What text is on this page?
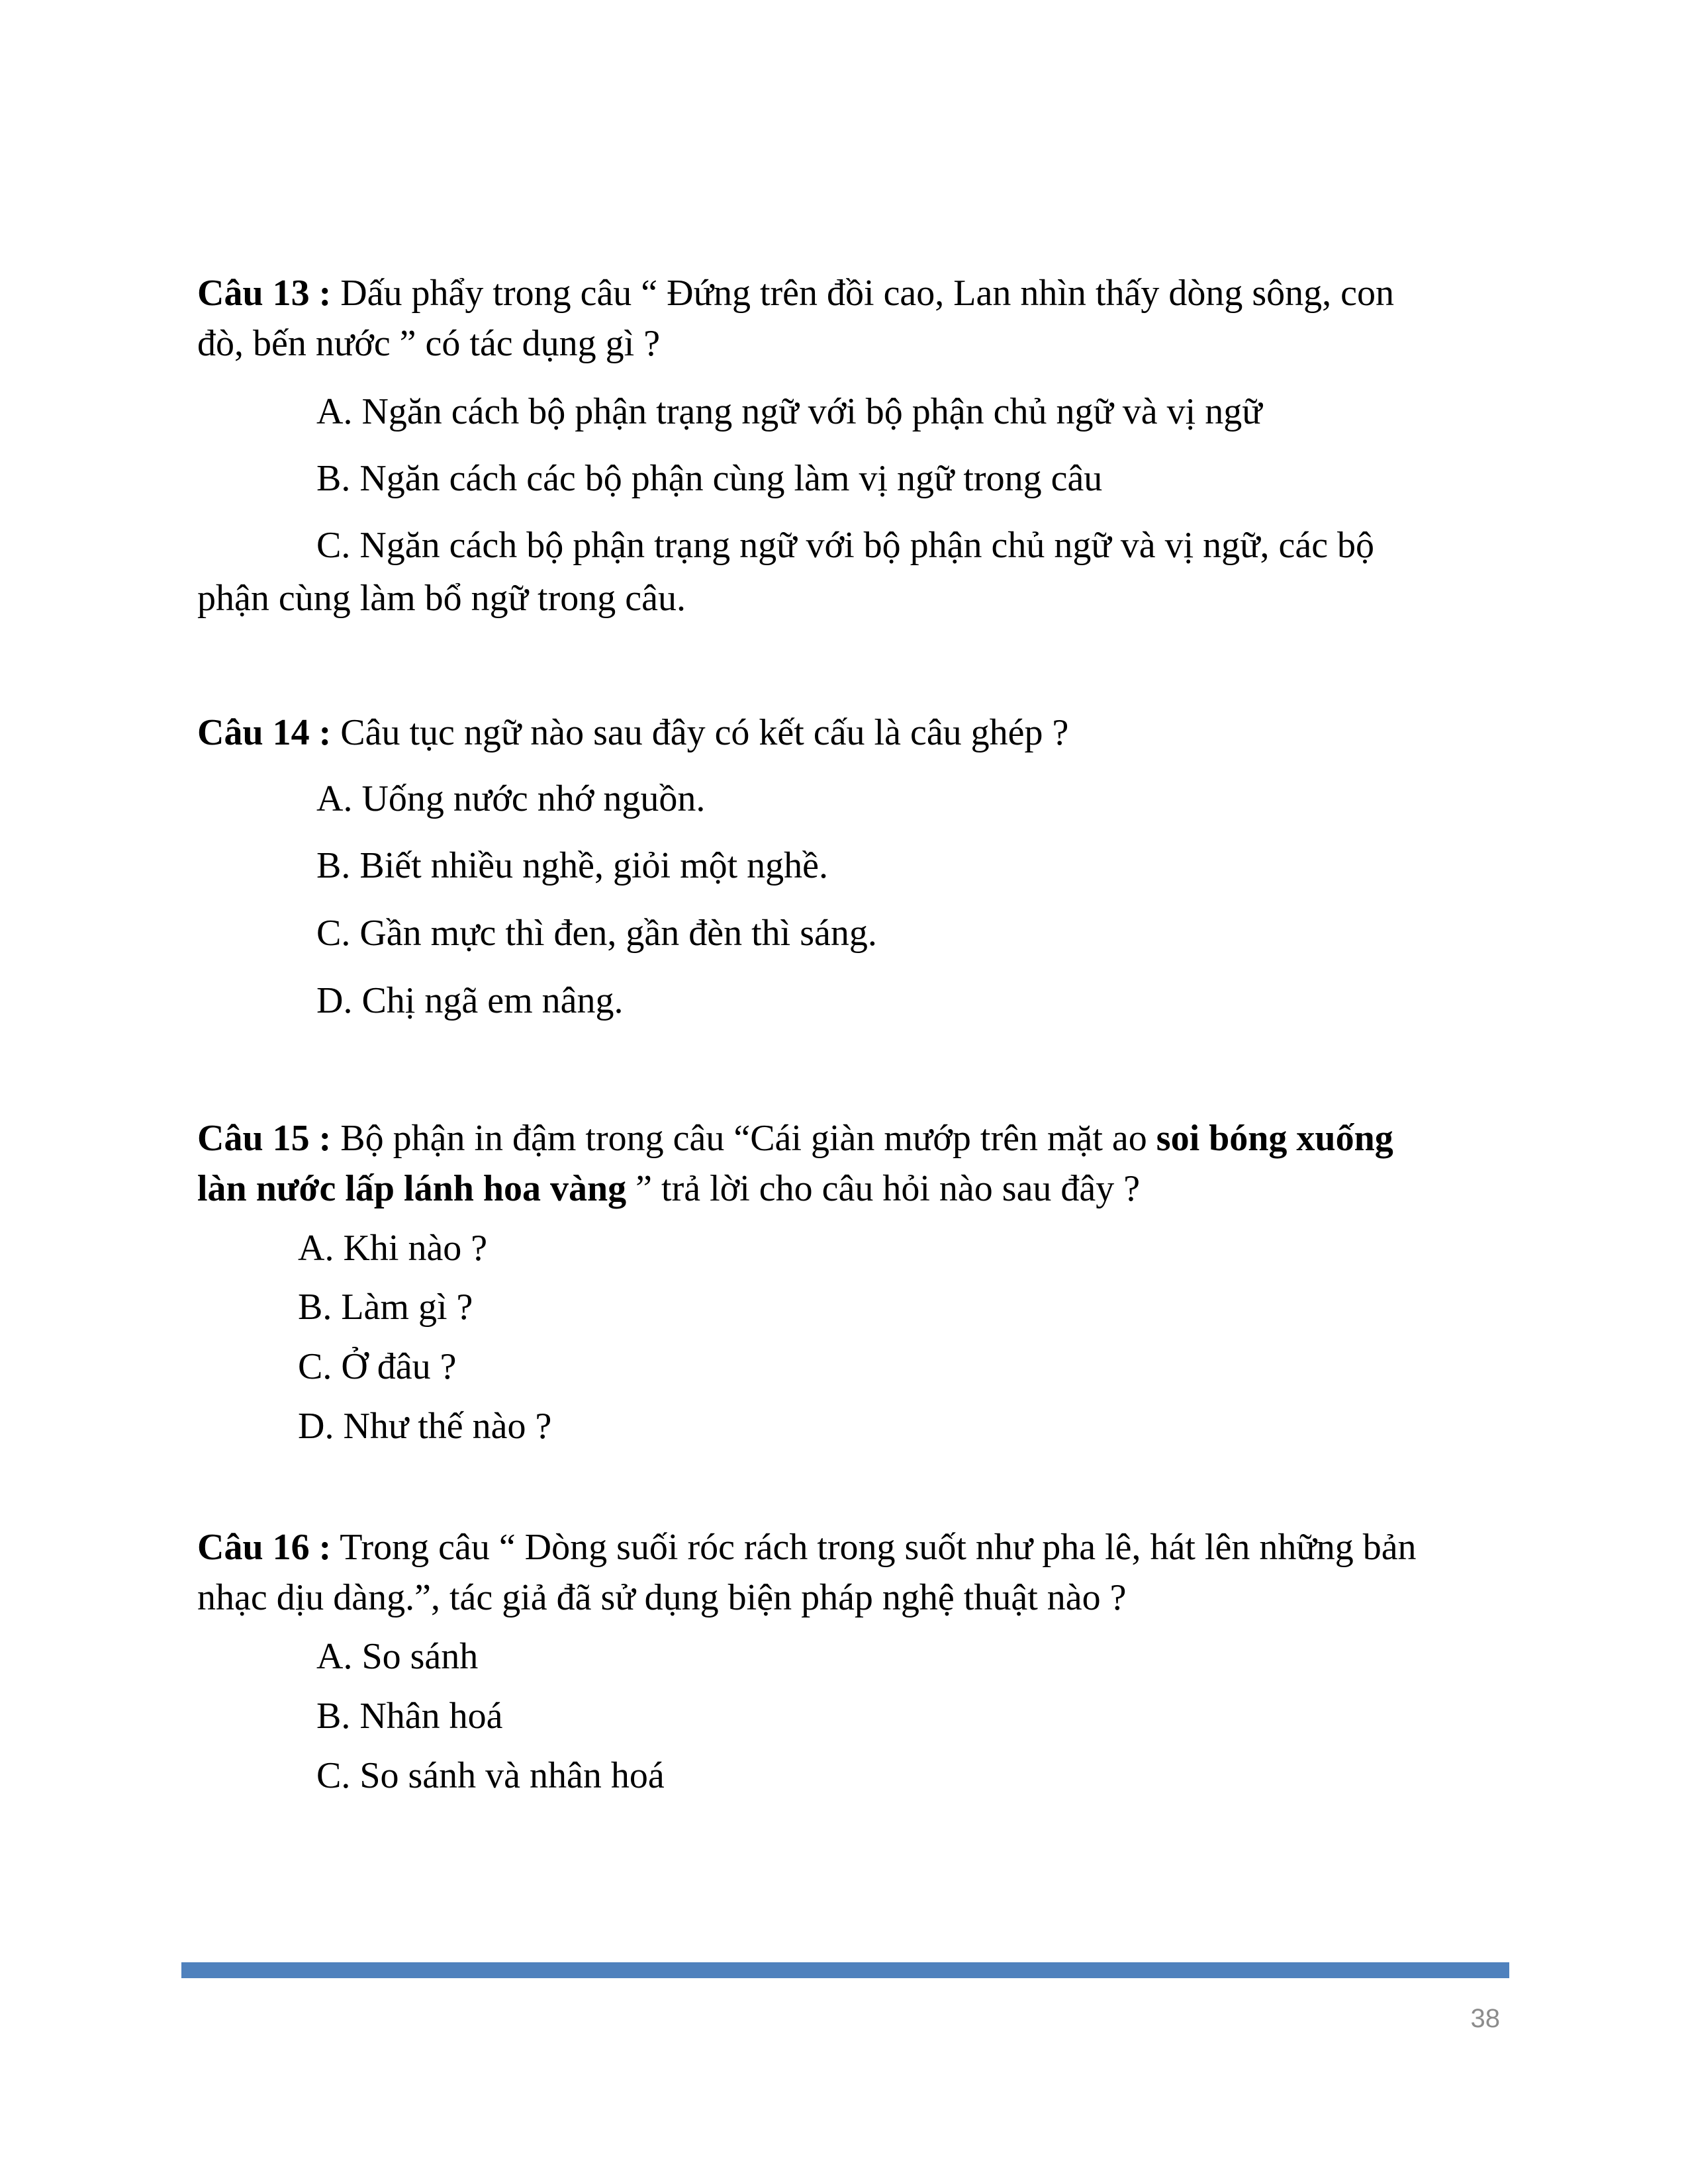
Câu 13 : Dấu phẩy trong câu “ Đứng trên đồi cao, Lan nhìn thấy dòng sông, con
đò, bến nước ” có tác dụng gì ?
A. Ngăn cách bộ phận trạng ngữ với bộ phận chủ ngữ và vị ngữ
B. Ngăn cách các bộ phận cùng làm vị ngữ trong câu
C. Ngăn cách bộ phận trạng ngữ với bộ phận chủ ngữ và vị ngữ, các bộ
phận cùng làm bổ ngữ trong câu.
Câu 14 : Câu tục ngữ nào sau đây có kết cấu là câu ghép ?
A. Uống nước nhớ nguồn.
B. Biết nhiều nghề, giỏi một nghề.
C. Gần mực thì đen, gần đèn thì sáng.
D. Chị ngã em nâng.
Câu 15 : Bộ phận in đậm trong câu “Cái giàn mướp trên mặt ao soi bóng xuống
làn nước lấp lánh hoa vàng ” trả lời cho câu hỏi nào sau đây ?
A. Khi nào ?
B. Làm gì ?
C. Ở đâu ?
D. Như thế nào ?
Câu 16 : Trong câu “ Dòng suối róc rách trong suốt như pha lê, hát lên những bản
nhạc dịu dàng.”, tác giả đã sử dụng biện pháp nghệ thuật nào ?
A. So sánh
B. Nhân hoá
C. So sánh và nhân hoá
38
